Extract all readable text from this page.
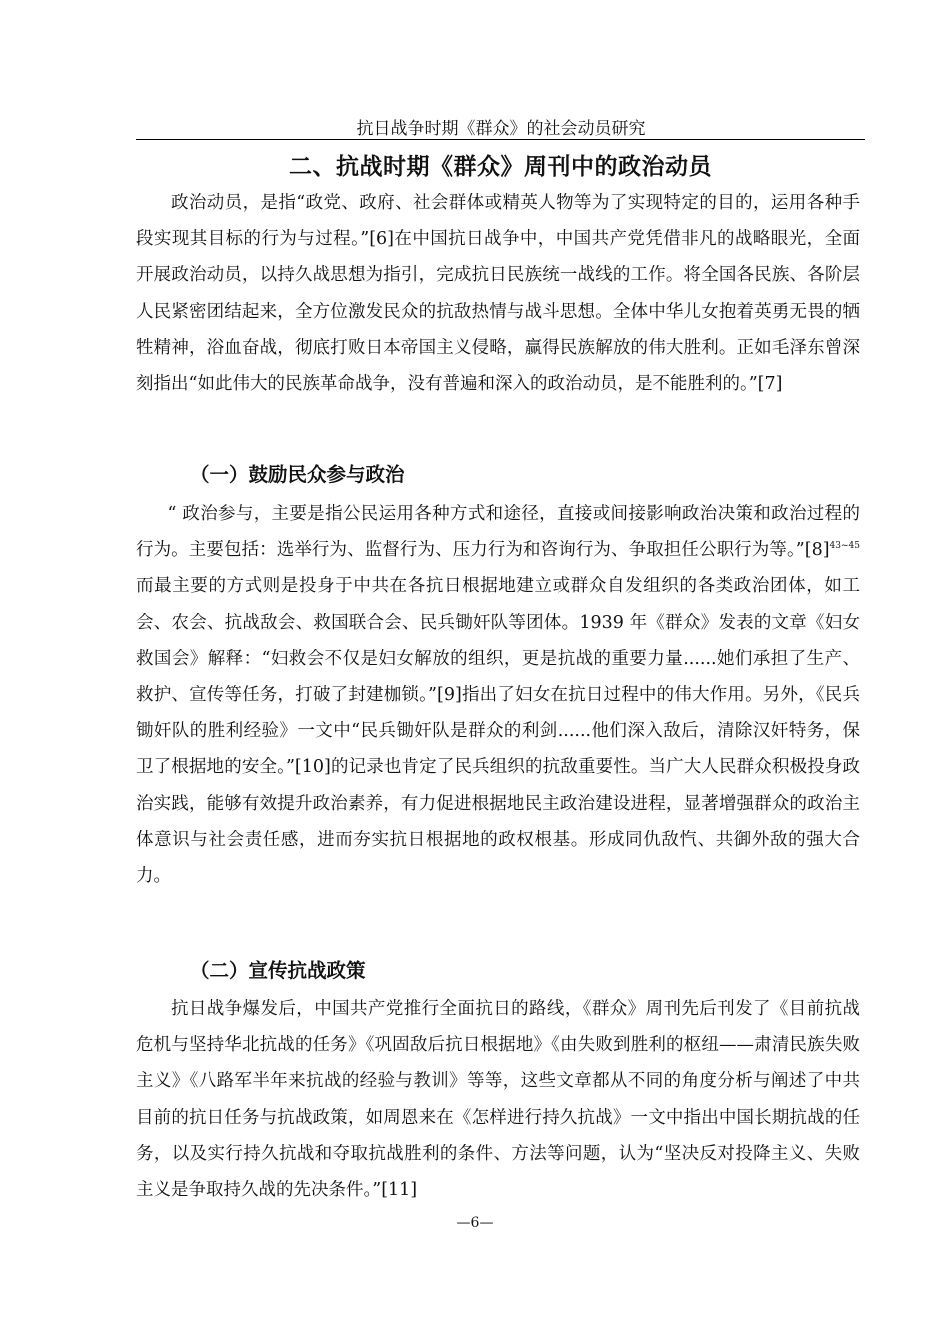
抗日战争时期《群众》的社会动员研究
二、抗战时期《群众》周刊中的政治动员

政治动员，是指“政党、政府、社会群体或精英人物等为了实现特定的目的，运用各种手段实现其目标的行为与过程。”[6]在中国抗日战争中，中国共产党凭借非凡的战略眼光，全面开展政治动员，以持久战思想为指引，完成抗日民族统一战线的工作。将全国各民族、各阶层人民紧密团结起来，全方位激发民众的抗敌热情与战斗思想。全体中华儿女抱着英勇无畏的牺牲精神，浴血奋战，彻底打败日本帝国主义侵略，赢得民族解放的伟大胜利。正如毛泽东曾深刻指出“如此伟大的民族革命战争，没有普遍和深入的政治动员，是不能胜利的。”[7]

（一）鼓励民众参与政治

“ 政治参与，主要是指公民运用各种方式和途径，直接或间接影响政治决策和政治过程的行为。主要包括：选举行为、监督行为、压力行为和咨询行为、争取担任公职行为等。$”[8]^{43\sim 45}$而最主要的方式则是投身于中共在各抗日根据地建立或群众自发组织的各类政治团体，如工会、农会、抗战敌会、救国联合会、民兵锄奸队等团体。1939 年《群众》发表的文章《妇女救国会》解释：“妇救会不仅是妇女解放的组织，更是抗战的重要力量......她们承担了生产、救护、宣传等任务，打破了封建枷锁。”[9]指出了妇女在抗日过程中的伟大作用。另外，《民兵锄奸队的胜利经验》一文中“民兵锄奸队是群众的利剑......他们深入敌后，清除汉奸特务，保卫了根据地的安全。”[10]的记录也肯定了民兵组织的抗敌重要性。当广大人民群众积极投身政治实践，能够有效提升政治素养，有力促进根据地民主政治建设进程，显著增强群众的政治主体意识与社会责任感，进而夯实抗日根据地的政权根基。形成同仇敌忾、共御外敌的强大合力。

（二）宣传抗战政策

抗日战争爆发后，中国共产党推行全面抗日的路线，《群众》周刊先后刊发了《目前抗战危机与坚持华北抗战的任务》《巩固敌后抗日根据地》《由失败到胜利的枢纽——肃清民族失败主义》《八路军半年来抗战的经验与教训》等等，这些文章都从不同的角度分析与阐述了中共目前的抗日任务与抗战政策，如周恩来在《怎样进行持久抗战》一文中指出中国长期抗战的任务，以及实行持久抗战和夺取抗战胜利的条件、方法等问题，认为“坚决反对投降主义、失败主义是争取持久战的先决条件。”[11]

—6—
